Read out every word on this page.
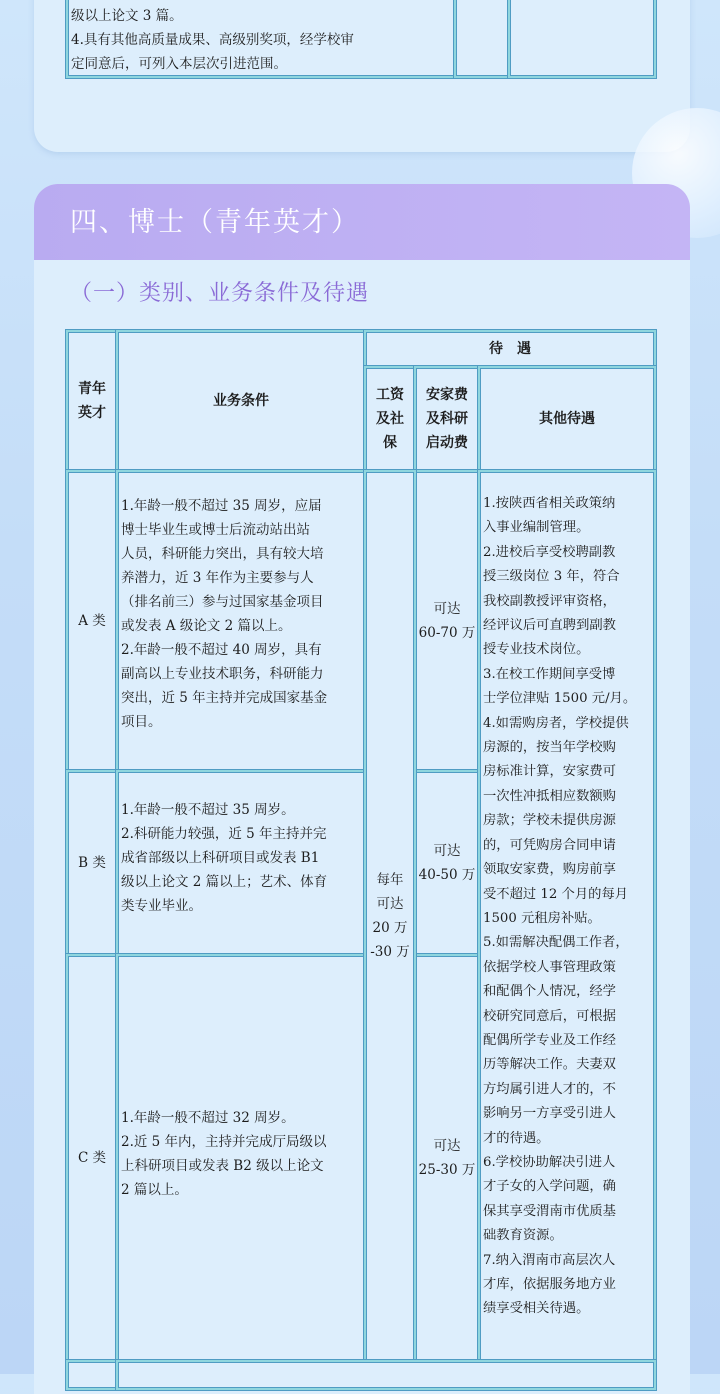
级以上论文 3 篇。
4.具有其他高质量成果、高级别奖项，经学校审
定同意后，可列入本层次引进范围。
四、博士（青年英才）
（一）类别、业务条件及待遇
青年
英才
业务条件
待　遇
工资
及社
保
安家费
及科研
启动费
其他待遇
A 类
1.年龄一般不超过 35 周岁，应届
博士毕业生或博士后流动站出站
人员，科研能力突出，具有较大培
养潜力，近 3 年作为主要参与人
（排名前三）参与过国家基金项目
或发表 A 级论文 2 篇以上。
2.年龄一般不超过 40 周岁，具有
副高以上专业技术职务，科研能力
突出，近 5 年主持并完成国家基金
项目。
可达
60-70 万
B 类
1.年龄一般不超过 35 周岁。
2.科研能力较强，近 5 年主持并完
成省部级以上科研项目或发表 B1
级以上论文 2 篇以上；艺术、体育
类专业毕业。
可达
40-50 万
C 类
1.年龄一般不超过 32 周岁。
2.近 5 年内，主持并完成厅局级以
上科研项目或发表 B2 级以上论文
2 篇以上。
可达
25-30 万
每年
可达
20 万
-30 万
1.按陕西省相关政策纳
入事业编制管理。
2.进校后享受校聘副教
授三级岗位 3 年，符合
我校副教授评审资格，
经评议后可直聘到副教
授专业技术岗位。
3.在校工作期间享受博
士学位津贴 1500 元/月。
4.如需购房者，学校提供
房源的，按当年学校购
房标准计算，安家费可
一次性冲抵相应数额购
房款；学校未提供房源
的，可凭购房合同申请
领取安家费，购房前享
受不超过 12 个月的每月
1500 元租房补贴。
5.如需解决配偶工作者，
依据学校人事管理政策
和配偶个人情况，经学
校研究同意后，可根据
配偶所学专业及工作经
历等解决工作。夫妻双
方均属引进人才的，不
影响另一方享受引进人
才的待遇。
6.学校协助解决引进人
才子女的入学问题，确
保其享受渭南市优质基
础教育资源。
7.纳入渭南市高层次人
才库，依据服务地方业
绩享受相关待遇。
